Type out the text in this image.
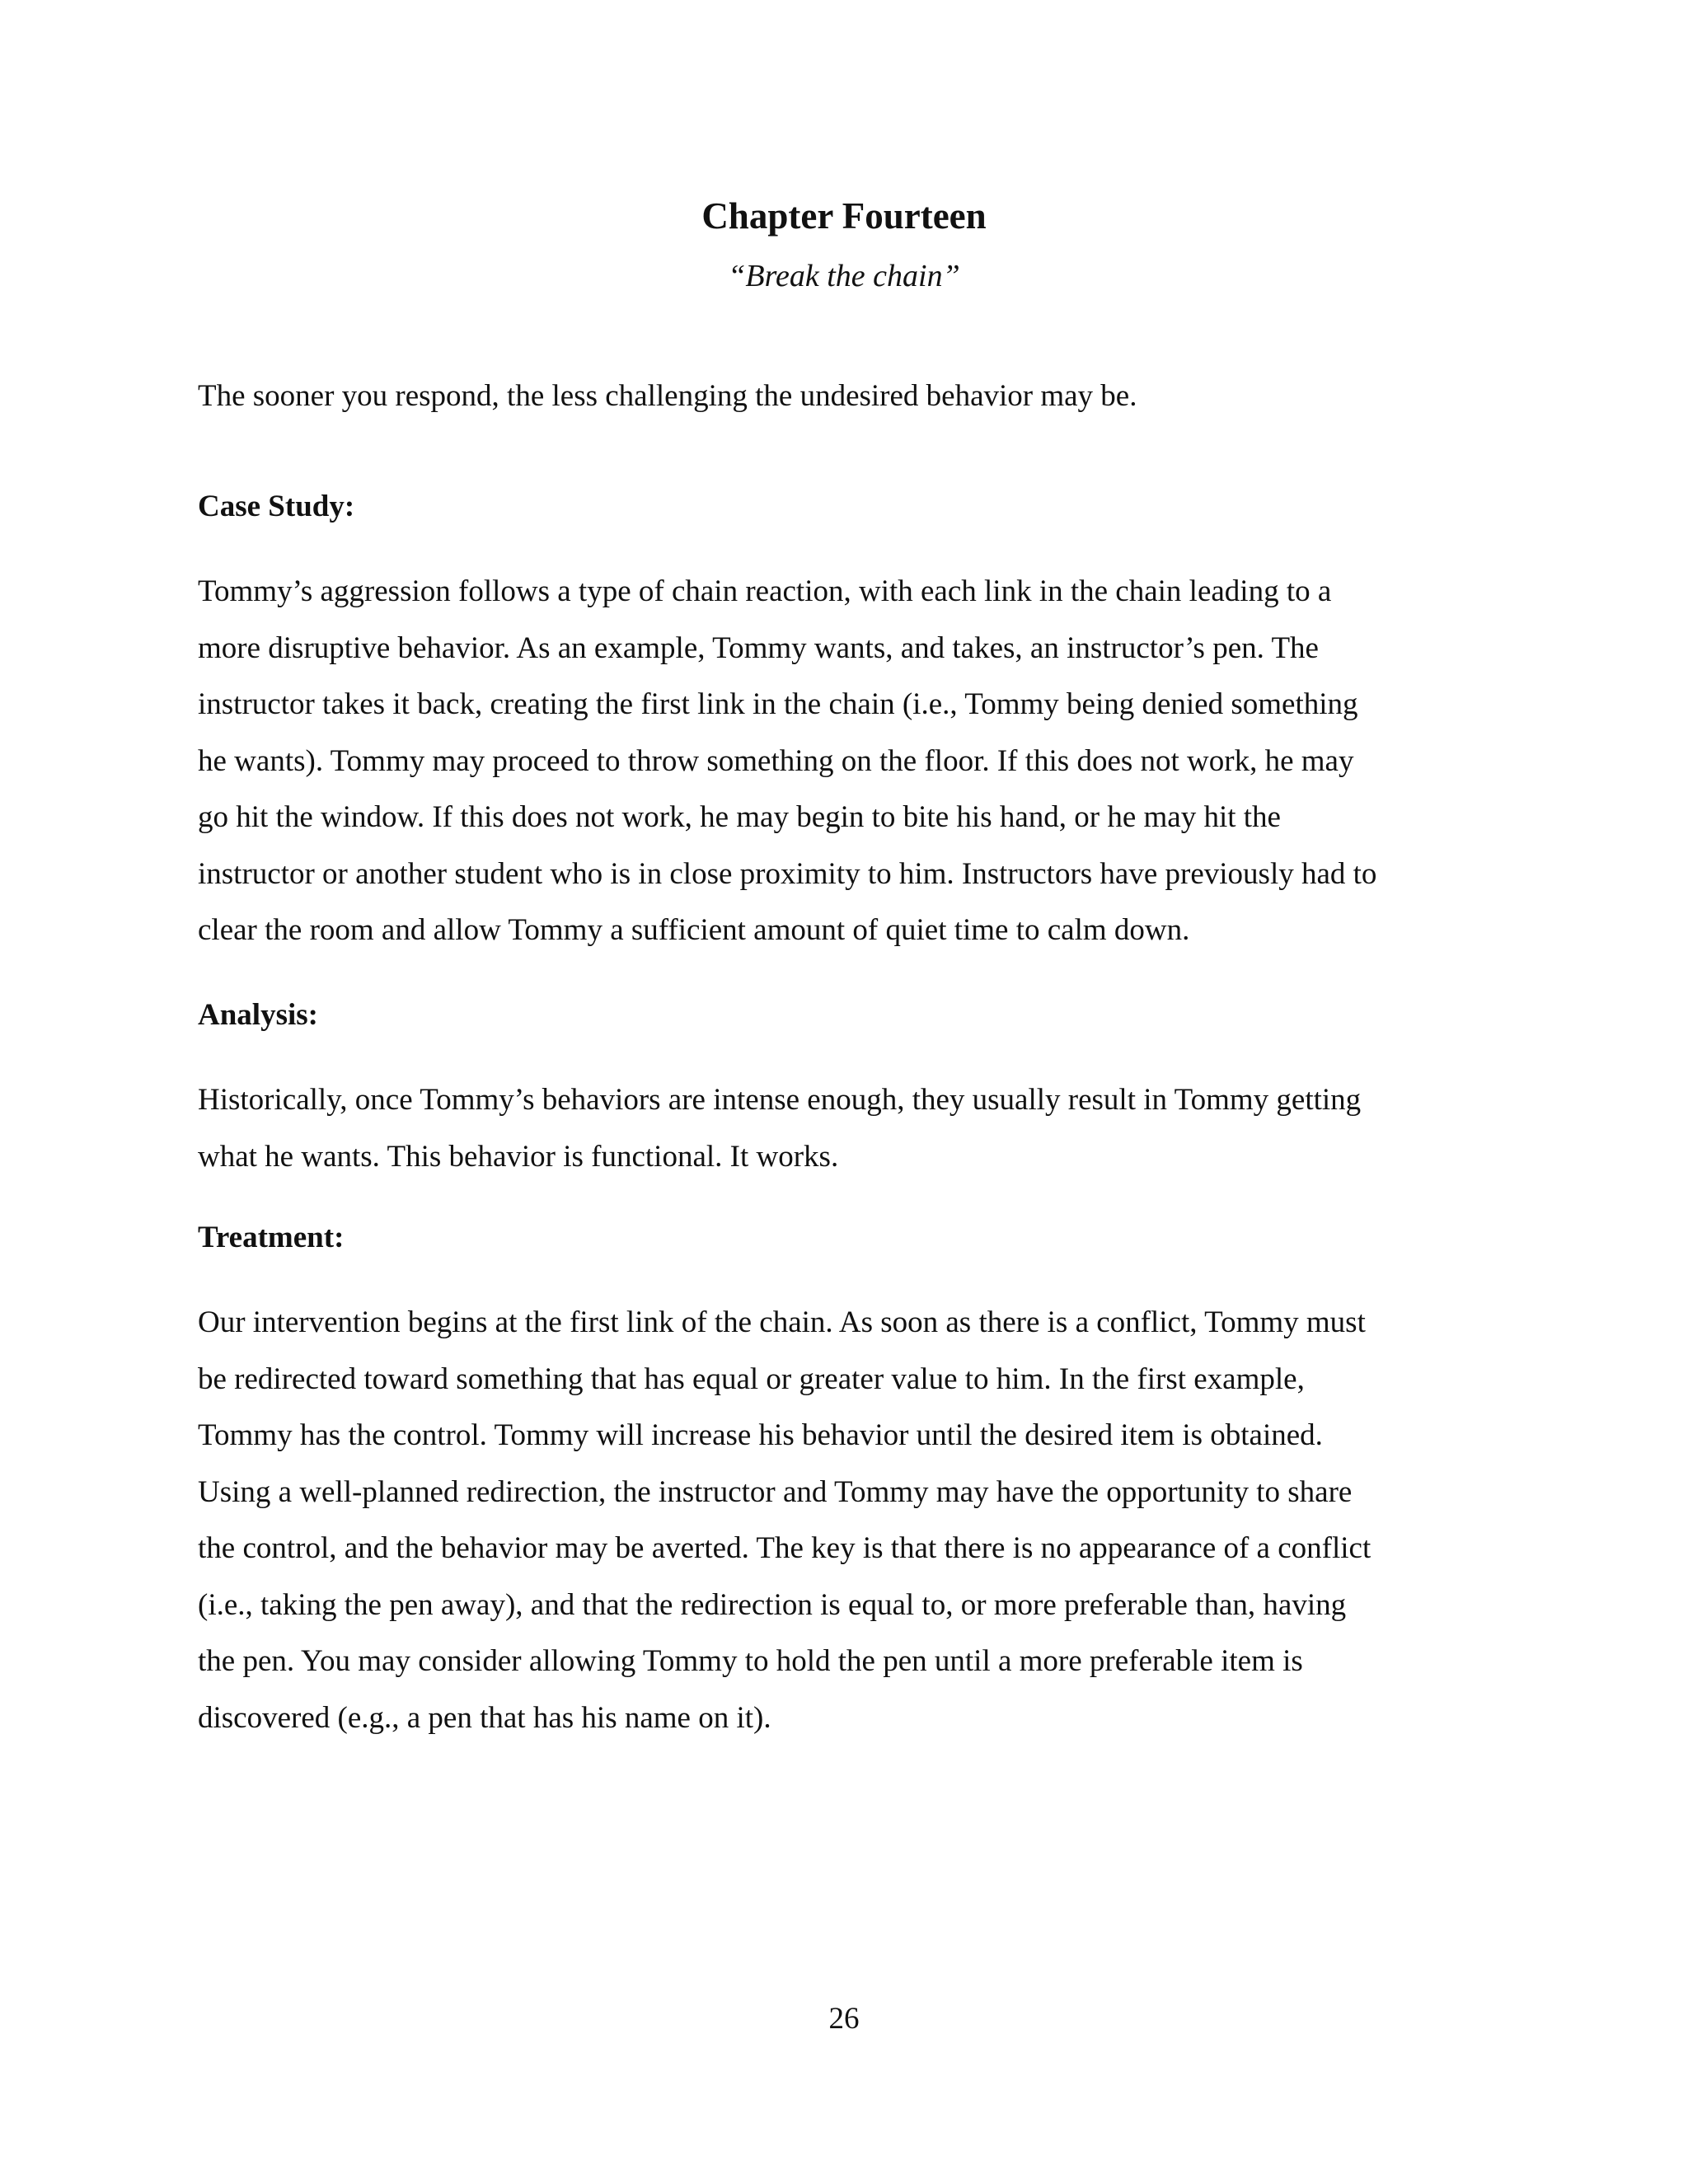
Chapter Fourteen
“Break the chain”

The sooner you respond, the less challenging the undesired behavior may be.

Case Study:

Tommy’s aggression follows a type of chain reaction, with each link in the chain leading to a
more disruptive behavior. As an example, Tommy wants, and takes, an instructor’s pen. The
instructor takes it back, creating the first link in the chain (i.e., Tommy being denied something
he wants). Tommy may proceed to throw something on the floor. If this does not work, he may
go hit the window. If this does not work, he may begin to bite his hand, or he may hit the
instructor or another student who is in close proximity to him. Instructors have previously had to
clear the room and allow Tommy a sufficient amount of quiet time to calm down.

Analysis:

Historically, once Tommy’s behaviors are intense enough, they usually result in Tommy getting
what he wants. This behavior is functional. It works.

Treatment:

Our intervention begins at the first link of the chain. As soon as there is a conflict, Tommy must
be redirected toward something that has equal or greater value to him. In the first example,
Tommy has the control. Tommy will increase his behavior until the desired item is obtained.
Using a well-planned redirection, the instructor and Tommy may have the opportunity to share
the control, and the behavior may be averted. The key is that there is no appearance of a conflict
(i.e., taking the pen away), and that the redirection is equal to, or more preferable than, having
the pen. You may consider allowing Tommy to hold the pen until a more preferable item is
discovered (e.g., a pen that has his name on it).

26
